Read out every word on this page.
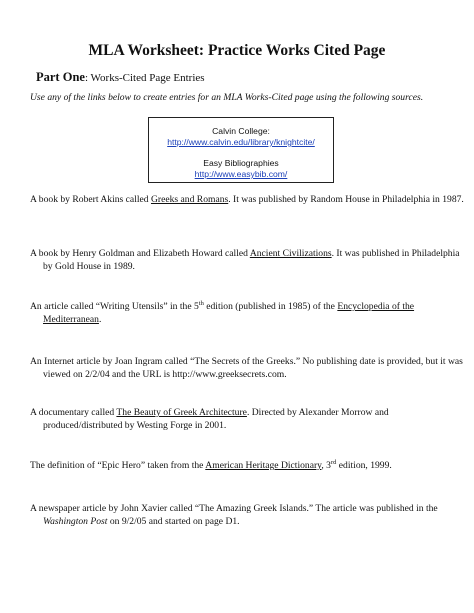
MLA Worksheet: Practice Works Cited Page

Part One: Works-Cited Page Entries

Use any of the links below to create entries for an MLA Works-Cited page using the following sources.

Calvin College:
http://www.calvin.edu/library/knightcite/
Easy Bibliographies
http://www.easybib.com/

A book by Robert Akins called Greeks and Romans. It was published by Random House in Philadelphia in 1987.

A book by Henry Goldman and Elizabeth Howard called Ancient Civilizations. It was published in Philadelphia by Gold House in 1989.

An article called “Writing Utensils” in the 5th edition (published in 1985) of the Encyclopedia of the Mediterranean.

An Internet article by Joan Ingram called “The Secrets of the Greeks.” No publishing date is provided, but it was viewed on 2/2/04 and the URL is http://www.greeksecrets.com.

A documentary called The Beauty of Greek Architecture. Directed by Alexander Morrow and produced/distributed by Westing Forge in 2001.

The definition of “Epic Hero” taken from the American Heritage Dictionary, 3rd edition, 1999.

A newspaper article by John Xavier called “The Amazing Greek Islands.” The article was published in the Washington Post on 9/2/05 and started on page D1.
